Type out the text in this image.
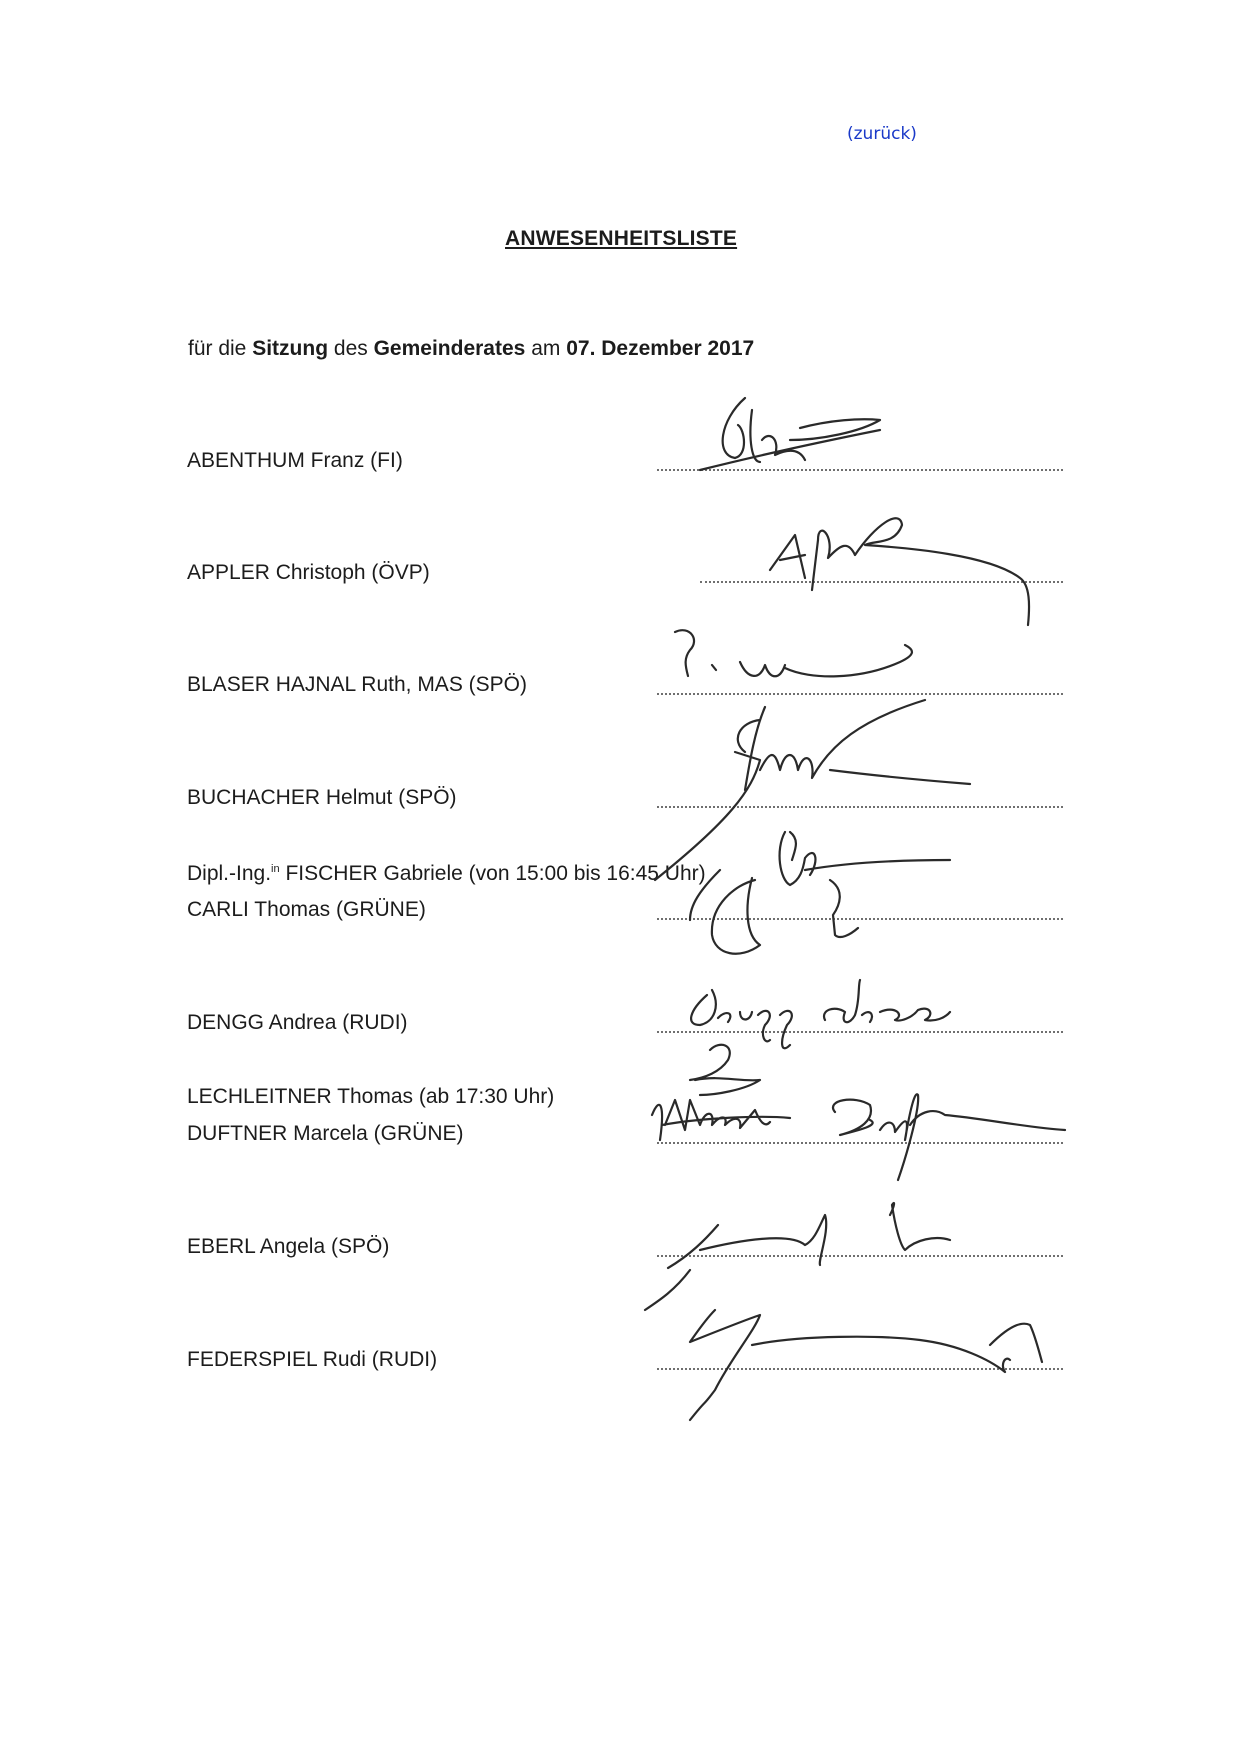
(zurück)
ANWESENHEITSLISTE
für die Sitzung des Gemeinderates am 07. Dezember 2017
ABENTHUM Franz (FI)
APPLER Christoph (ÖVP)
BLASER HAJNAL Ruth, MAS (SPÖ)
BUCHACHER Helmut (SPÖ)
Dipl.-Ing.$^{in}$ FISCHER Gabriele (von 15:00 bis 16:45 Uhr)
CARLI Thomas (GRÜNE)
DENGG Andrea (RUDI)
LECHLEITNER Thomas (ab 17:30 Uhr)
DUFTNER Marcela (GRÜNE)
EBERL Angela (SPÖ)
FEDERSPIEL Rudi (RUDI)
